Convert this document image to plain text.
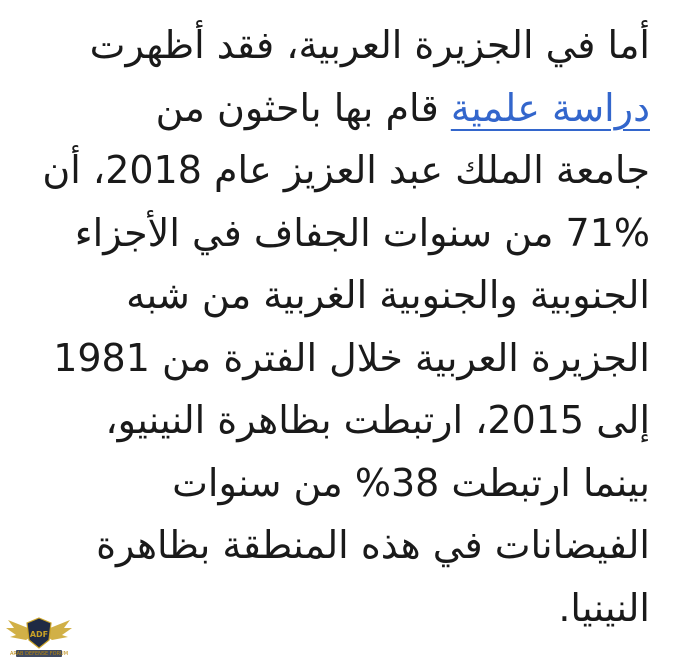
أما في الجزيرة العربية، فقد أظهرت
دراسة علمية قام بها باحثون من
جامعة الملك عبد العزيز عام 2018، أن
71% من سنوات الجفاف في الأجزاء
الجنوبية والجنوبية الغربية من شبه
الجزيرة العربية خلال الفترة من 1981
إلى 2015، ارتبطت بظاهرة النينيو،
بينما ارتبطت 38% من سنوات
الفيضانات في هذه المنطقة بظاهرة
النينيا.

ADF
ARAB DEFENSE FORUM
